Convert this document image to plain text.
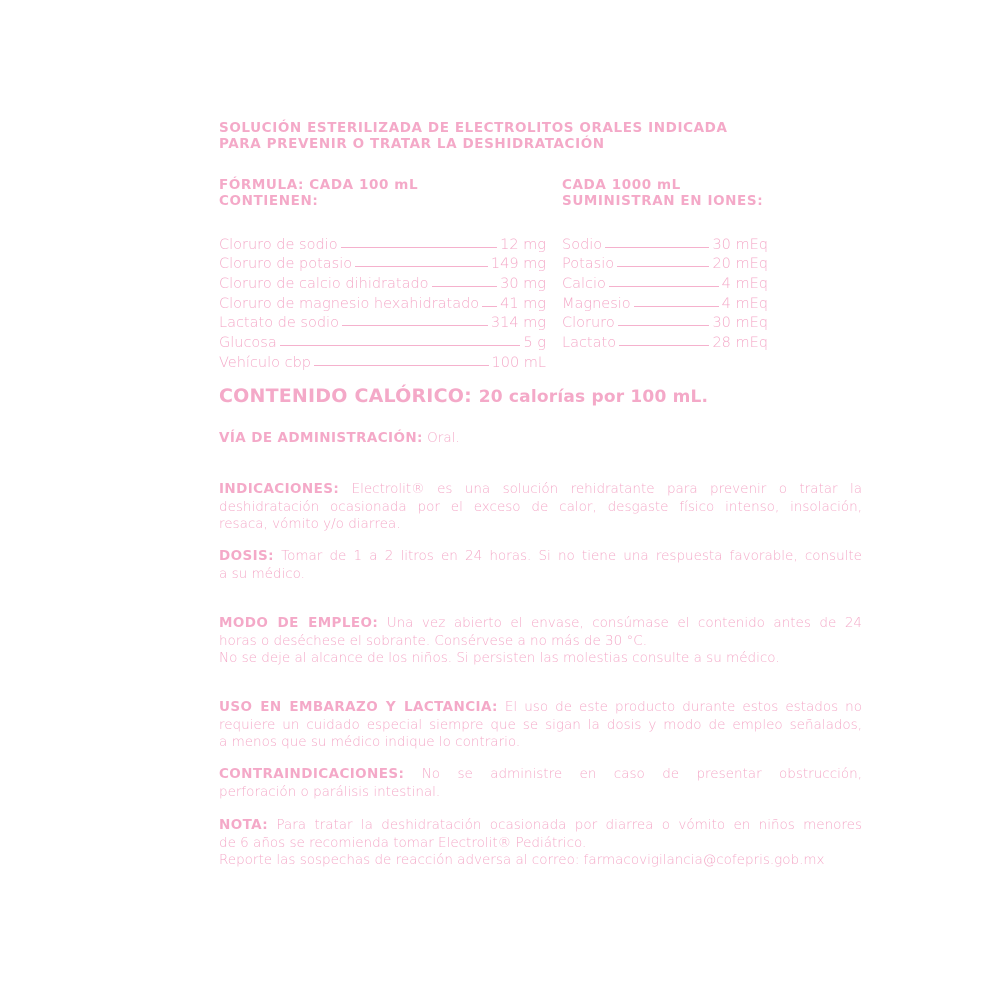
SOLUCIÓN ESTERILIZADA DE ELECTROLITOS ORALES INDICADA
PARA PREVENIR O TRATAR LA DESHIDRATACIÓN
FÓRMULA: CADA 100 mL
CONTIENEN:
CADA 1000 mL
SUMINISTRAN EN IONES:
Cloruro de sodio	12 mg
Cloruro de potasio	149 mg
Cloruro de calcio dihidratado	30 mg
Cloruro de magnesio hexahidratado 41 mg
Lactato de sodio	314 mg
Glucosa	5 g
Vehículo cbp	100 mL
Sodio	30 mEq
Potasio	20 mEq
Calcio	4 mEq
Magnesio	4 mEq
Cloruro	30 mEq
Lactato	28 mEq
CONTENIDO CALÓRICO: 20 calorías por 100 mL.
VÍA DE ADMINISTRACIÓN: Oral.
INDICACIONES: Electrolit® es una solución rehidratante para prevenir o tratar la
deshidratación ocasionada por el exceso de calor, desgaste físico intenso, insolación,
resaca, vómito y/o diarrea.
DOSIS: Tomar de 1 a 2 litros en 24 horas. Si no tiene una respuesta favorable, consulte
a su médico.
MODO DE EMPLEO: Una vez abierto el envase, consúmase el contenido antes de 24
horas o deséchese el sobrante. Consérvese a no más de 30 °C.
No se deje al alcance de los niños. Si persisten las molestias consulte a su médico.
USO EN EMBARAZO Y LACTANCIA: El uso de este producto durante estos estados no
requiere un cuidado especial siempre que se sigan la dosis y modo de empleo señalados,
a menos que su médico indique lo contrario.
CONTRAINDICACIONES: No se administre en caso de presentar obstrucción,
perforación o parálisis intestinal.
NOTA: Para tratar la deshidratación ocasionada por diarrea o vómito en niños menores
de 6 años se recomienda tomar Electrolit® Pediátrico.
Reporte las sospechas de reacción adversa al correo: farmacovigilancia@cofepris.gob.mx
